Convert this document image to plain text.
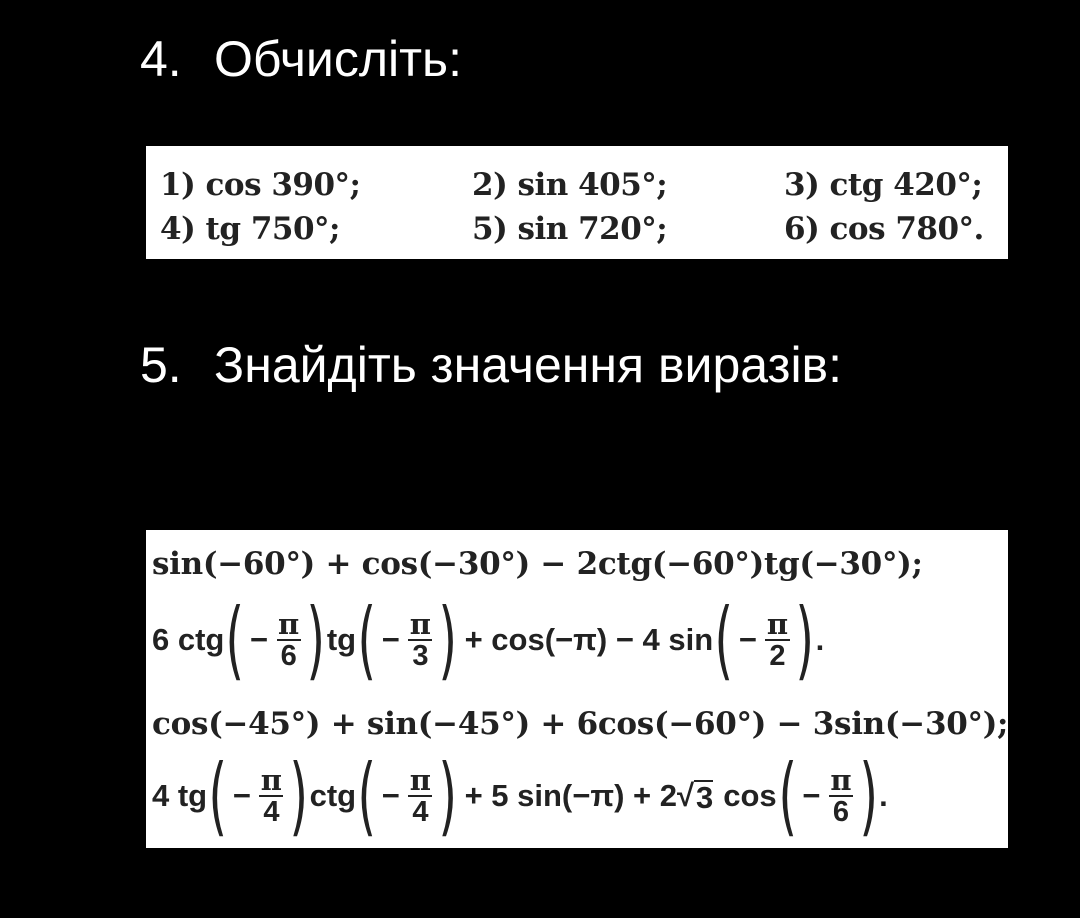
4. Обчисліть:
1) cos 390°;	2) sin 405°;	3) ctg 420°;
4) tg 750°;	5) sin 720°;	6) cos 780°.
5. Знайдіть значення виразів:
sin(−60°) + cos(−30°) − 2ctg(−60°)tg(−30°);
6 ctg ( − $\frac{\pi}{6}$ ) tg ( − $\frac{\pi}{3}$ ) + cos(−π) − 4 sin ( − $\frac{\pi}{2}$ ) .
cos(−45°) + sin(−45°) + 6cos(−60°) − 3sin(−30°);
4 tg ( − $\frac{\pi}{4}$ ) ctg ( − $\frac{\pi}{4}$ ) + 5 sin(−π) + 2 √ 3 cos ( − $\frac{\pi}{6}$ ) .
